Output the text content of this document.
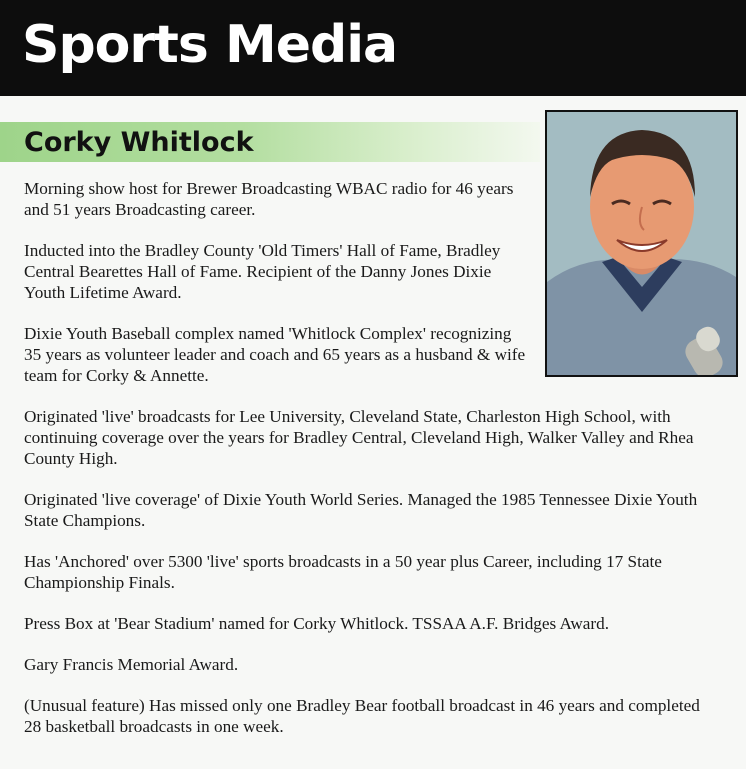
Sports Media
Corky Whitlock

Morning show host for Brewer Broadcasting WBAC radio for 46 years and 51 years Broadcasting career.

Inducted into the Bradley County 'Old Timers' Hall of Fame, Bradley Central Bearettes Hall of Fame. Recipient of the Danny Jones Dixie Youth Lifetime Award.

Dixie Youth Baseball complex named 'Whitlock Complex' recognizing 35 years as volunteer leader and coach and 65 years as a husband & wife team for Corky & Annette.

Originated 'live' broadcasts for Lee University, Cleveland State, Charleston High School, with continuing coverage over the years for Bradley Central, Cleveland High, Walker Valley and Rhea County High.

Originated 'live coverage' of Dixie Youth World Series. Managed the 1985 Tennessee Dixie Youth State Champions.

Has 'Anchored' over 5300 'live' sports broadcasts in a 50 year plus Career, including 17 State Championship Finals.

Press Box at 'Bear Stadium' named for Corky Whitlock. TSSAA A.F. Bridges Award.

Gary Francis Memorial Award.

(Unusual feature) Has missed only one Bradley Bear football broadcast in 46 years and completed 28 basketball broadcasts in one week.
